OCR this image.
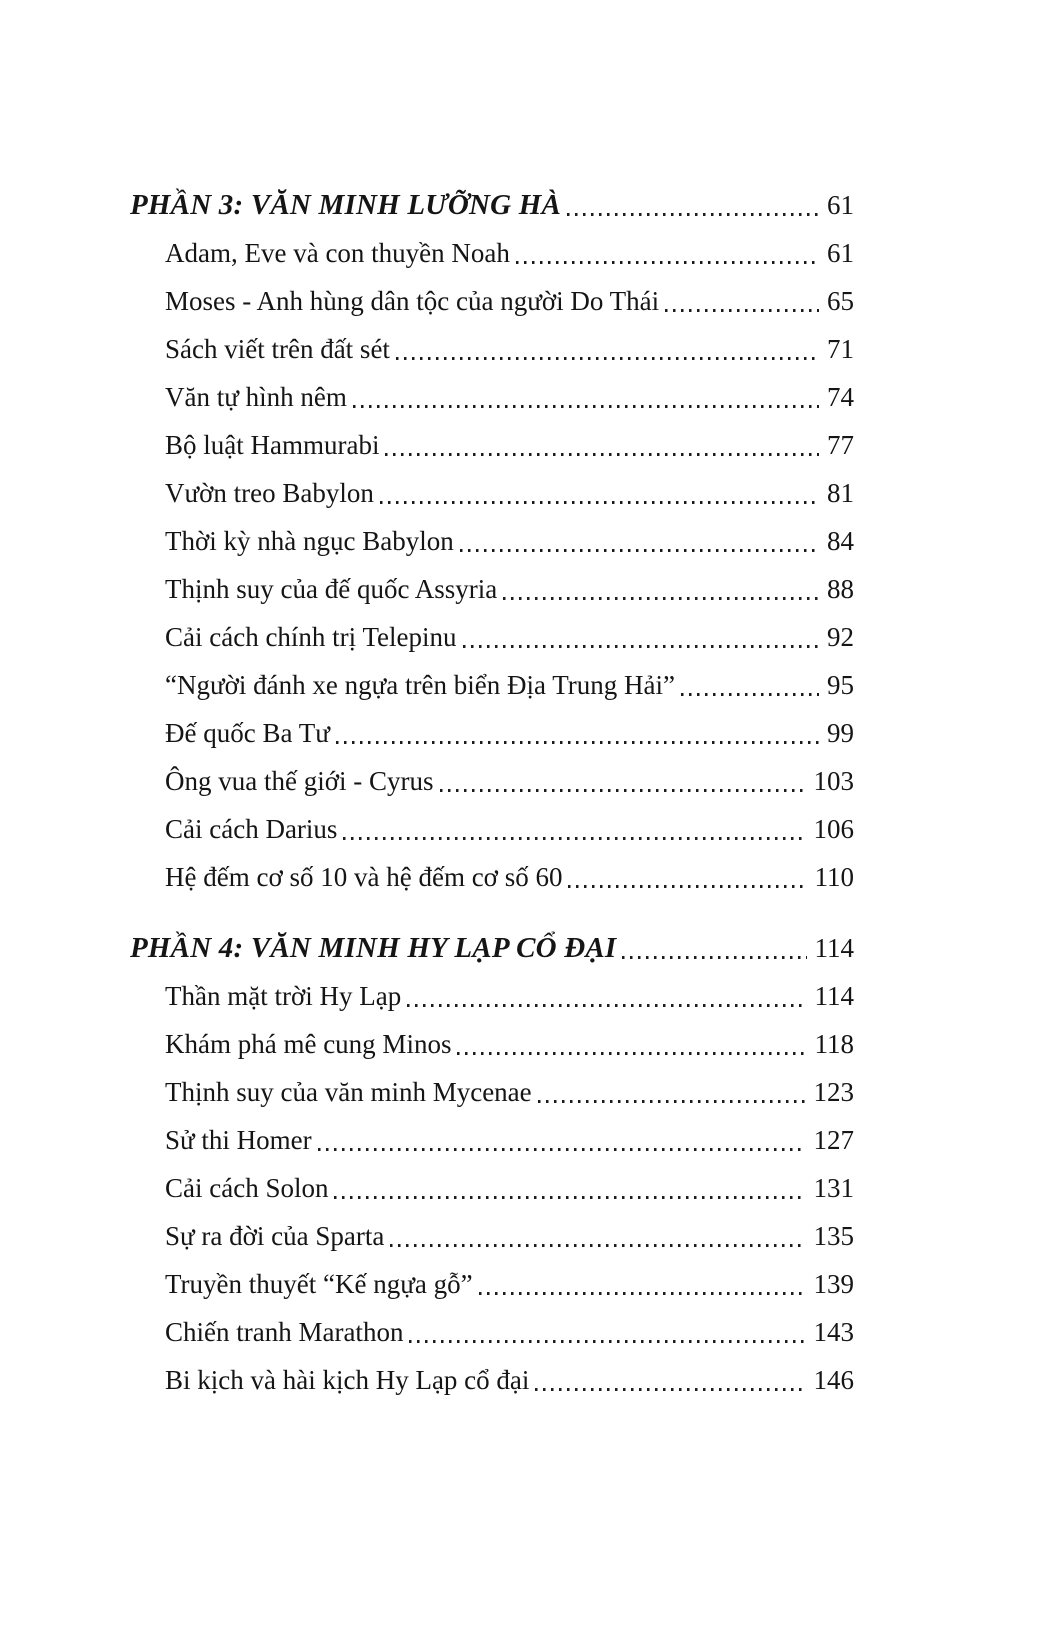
PHẦN 3: VĂN MINH LƯỠNG HÀ	61
Adam, Eve và con thuyền Noah	61
Moses - Anh hùng dân tộc của người Do Thái	65
Sách viết trên đất sét	71
Văn tự hình nêm	74
Bộ luật Hammurabi	77
Vườn treo Babylon	81
Thời kỳ nhà ngục Babylon	84
Thịnh suy của đế quốc Assyria	88
Cải cách chính trị Telepinu	92
“Người đánh xe ngựa trên biển Địa Trung Hải”	95
Đế quốc Ba Tư	99
Ông vua thế giới - Cyrus	103
Cải cách Darius	106
Hệ đếm cơ số 10 và hệ đếm cơ số 60	110
PHẦN 4: VĂN MINH HY LẠP CỔ ĐẠI	114
Thần mặt trời Hy Lạp	114
Khám phá mê cung Minos	118
Thịnh suy của văn minh Mycenae	123
Sử thi Homer	127
Cải cách Solon	131
Sự ra đời của Sparta	135
Truyền thuyết “Kế ngựa gỗ”	139
Chiến tranh Marathon	143
Bi kịch và hài kịch Hy Lạp cổ đại	146
